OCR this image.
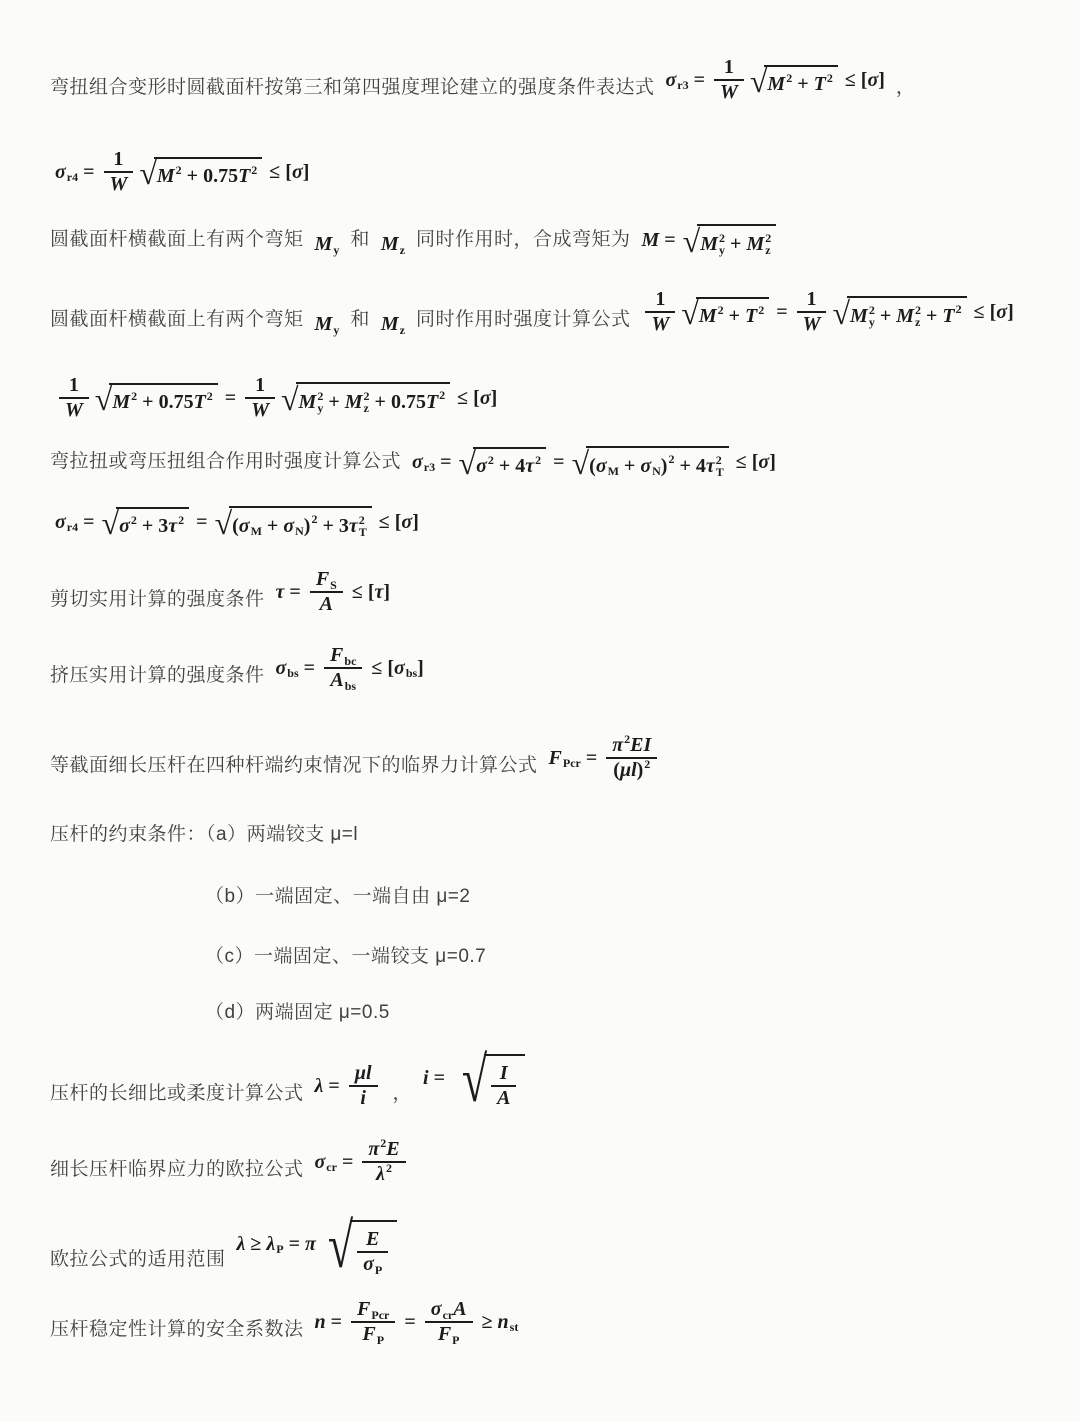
弯扭组合变形时圆截面杆按第三和第四强度理论建立的强度条件表达式 σ $r3 = \frac{1}{W}$ √ M 2 + T 2 ≤ [ σ ] ，
σ $r4 = \frac{1}{W}$ √ M 2 + 0.75 T 2 ≤ [ σ ]
圆截面杆横截面上有两个弯矩 M y 和 M z 同时作用时，合成弯矩为 M = √ M 2
y + M 2
z
圆截面杆横截面上有两个弯矩 M y 和 M z 同时作用时强度计算公式 $\frac{1}{W}$ √ M 2 + T $2 = \frac{1}{W}$ √ M 2
y + M 2
z + T 2 ≤ [ σ ]
$\frac{1}{W}$ √ M 2 + 0.75 T $2 = \frac{1}{W}$ √ M 2
y + M 2
z + 0.75 T 2 ≤ [ σ ]
弯拉扭或弯压扭组合作用时强度计算公式 σ r3 = √ σ 2 + 4 τ 2 = √ ( σ M + σ N ) 2 + 4 τ 2
T ≤ [ σ ]
σ r4 = √ σ 2 + 3 τ 2 = √ ( σ M + σ N ) 2 + 3 τ 2
T ≤ [ σ ]
剪切实用计算的强度条件 $\tau = \frac{\text{F S}}{A}$ ≤ [ τ ]
挤压实用计算的强度条件 σ bs = $\frac{\text{F bc}}{\text{A bs}}$ ≤ [ σ bs ]
等截面细长压杆在四种杆端约束情况下的临界力计算公式 F Pcr = $\frac{\text{π 2 E I}}{\text{( μ l ) 2}}$
压杆的约束条件：（a）两端铰支 μ=l
（b）一端固定、一端自由 μ=2
（c）一端固定、一端铰支 μ=0.7
（d）两端固定 μ=0.5
压杆的长细比或柔度计算公式 $\lambda = \frac{\text{μ l}}{i}$ ，
i = √ $\frac{I}{A}$
细长压杆临界应力的欧拉公式 σ cr = $\frac{\pi 2 E}{\lambda 2}$
欧拉公式的适用范围
λ ≥ λ P = π √ $\frac{E}{\text{σ P}}$
压杆稳定性计算的安全系数法 $n = \frac{\text{F Pcr}}{\text{F P}} = \frac{\text{σ cr A}}{\text{F P}} \ge n$ st
